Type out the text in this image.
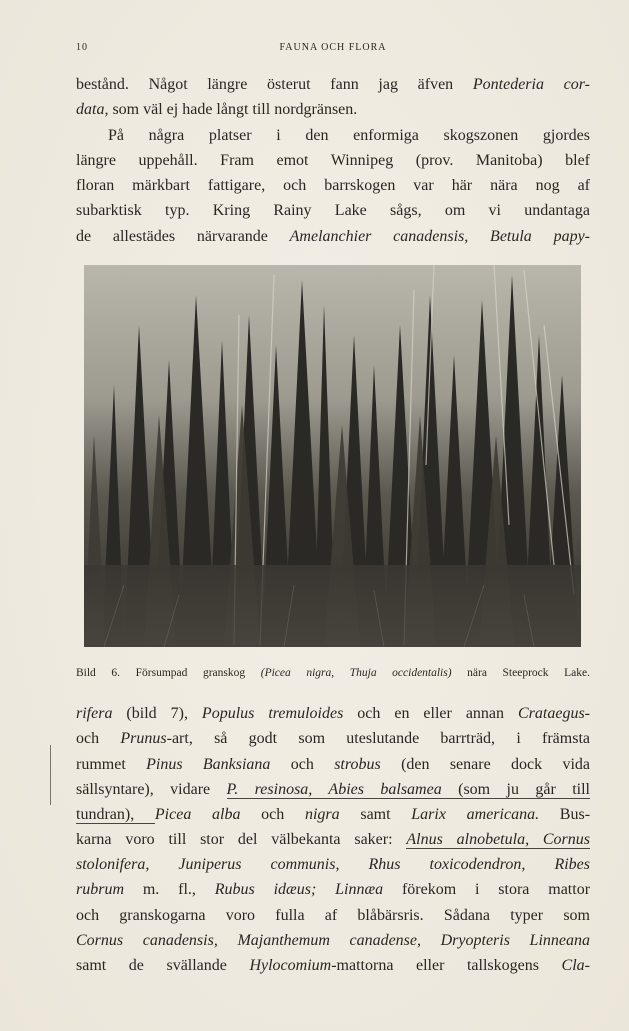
10	FAUNA OCH FLORA
bestånd. Något längre österut fann jag äfven Pontederia cor-
data, som väl ej hade långt till nordgränsen.
På några platser i den enformiga skogszonen gjordes
längre uppehåll. Fram emot Winnipeg (prov. Manitoba) blef
floran märkbart fattigare, och barrskogen var här nära nog af
subarktisk typ. Kring Rainy Lake sågs, om vi undantaga
de allestädes närvarande Amelanchier canadensis, Betula papy-
Bild 6. Försumpad granskog (Picea nigra, Thuja occidentalis) nära Steeprock Lake.
rifera (bild 7), Populus tremuloides och en eller annan Crataegus-
och Prunus-art, så godt som uteslutande barrträd, i främsta
rummet Pinus Banksiana och strobus (den senare dock vida
sällsyntare), vidare P. resinosa, Abies balsamea (som ju går till
tundran), Picea alba och nigra samt Larix americana. Bus-
karna voro till stor del välbekanta saker: Alnus alnobetula, Cornus
stolonifera, Juniperus communis, Rhus toxicodendron, Ribes
rubrum m. fl., Rubus idæus; Linnæa förekom i stora mattor
och granskogarna voro fulla af blåbärsris. Sådana typer som
Cornus canadensis, Majanthemum canadense, Dryopteris Linneana
samt de svällande Hylocomium-mattorna eller tallskogens Cla-
